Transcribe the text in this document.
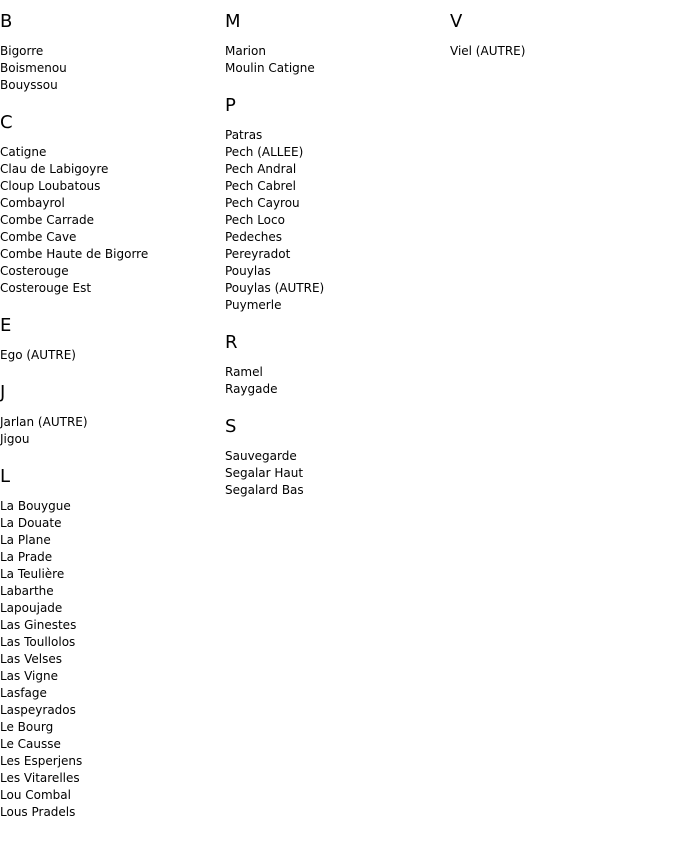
B
Bigorre
Boismenou
Bouyssou
C
Catigne
Clau de Labigoyre
Cloup Loubatous
Combayrol
Combe Carrade
Combe Cave
Combe Haute de Bigorre
Costerouge
Costerouge Est
E
Ego (AUTRE)
J
Jarlan (AUTRE)
Jigou
L
La Bouygue
La Douate
La Plane
La Prade
La Teulière
Labarthe
Lapoujade
Las Ginestes
Las Toullolos
Las Velses
Las Vigne
Lasfage
Laspeyrados
Le Bourg
Le Causse
Les Esperjens
Les Vitarelles
Lou Combal
Lous Pradels
M
Marion
Moulin Catigne
P
Patras
Pech (ALLEE)
Pech Andral
Pech Cabrel
Pech Cayrou
Pech Loco
Pedeches
Pereyradot
Pouylas
Pouylas (AUTRE)
Puymerle
R
Ramel
Raygade
S
Sauvegarde
Segalar Haut
Segalard Bas
V
Viel (AUTRE)
